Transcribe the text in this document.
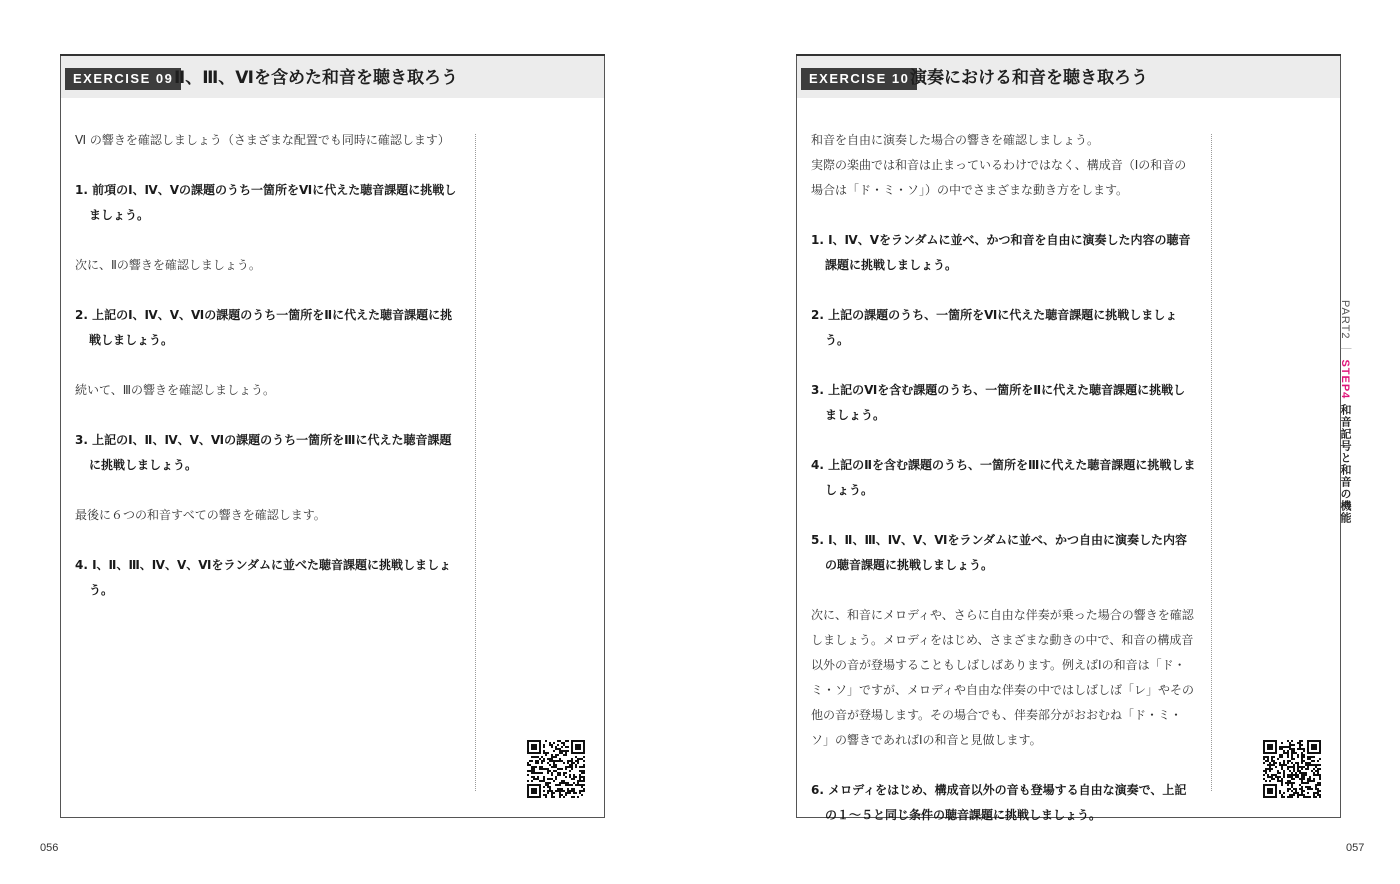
EXERCISE 09 Ⅱ、Ⅲ、Ⅵを含めた和音を聴き取ろう

Ⅵ の響きを確認しましょう（さまざまな配置でも同時に確認します）

1. 前項のⅠ、Ⅳ、Ⅴの課題のうち一箇所をⅥに代えた聴音課題に挑戦しましょう。

次に、Ⅱの響きを確認しましょう。

2. 上記のⅠ、Ⅳ、Ⅴ、Ⅵの課題のうち一箇所をⅡに代えた聴音課題に挑戦しましょう。

続いて、Ⅲの響きを確認しましょう。

3. 上記のⅠ、Ⅱ、Ⅳ、Ⅴ、Ⅵの課題のうち一箇所をⅢに代えた聴音課題に挑戦しましょう。

最後に６つの和音すべての響きを確認します。

4. Ⅰ、Ⅱ、Ⅲ、Ⅳ、Ⅴ、Ⅵをランダムに並べた聴音課題に挑戦しましょう。

056
EXERCISE 10 演奏における和音を聴き取ろう
和音を自由に演奏した場合の響きを確認しましょう。

実際の楽曲では和音は止まっているわけではなく、構成音（Ⅰの和音の場合は「ド・ミ・ソ」）の中でさまざまな動き方をします。

1. Ⅰ、Ⅳ、Ⅴをランダムに並べ、かつ和音を自由に演奏した内容の聴音課題に挑戦しましょう。

2. 上記の課題のうち、一箇所をⅥに代えた聴音課題に挑戦しましょう。

3. 上記のⅥを含む課題のうち、一箇所をⅡに代えた聴音課題に挑戦しましょう。

4. 上記のⅡを含む課題のうち、一箇所をⅢに代えた聴音課題に挑戦しましょう。

5. Ⅰ、Ⅱ、Ⅲ、Ⅳ、Ⅴ、Ⅵをランダムに並べ、かつ自由に演奏した内容の聴音課題に挑戦しましょう。

次に、和音にメロディや、さらに自由な伴奏が乗った場合の響きを確認しましょう。メロディをはじめ、さまざまな動きの中で、和音の構成音以外の音が登場することもしばしばあります。例えばⅠの和音は「ド・ミ・ソ」ですが、メロディや自由な伴奏の中ではしばしば「レ」やその他の音が登場します。その場合でも、伴奏部分がおおむね「ド・ミ・ソ」の響きであればⅠの和音と見做します。

6. メロディをはじめ、構成音以外の音も登場する自由な演奏で、上記の１～５と同じ条件の聴音課題に挑戦しましょう。

057
PART2｜STEP4 和音記号と和音の機能
